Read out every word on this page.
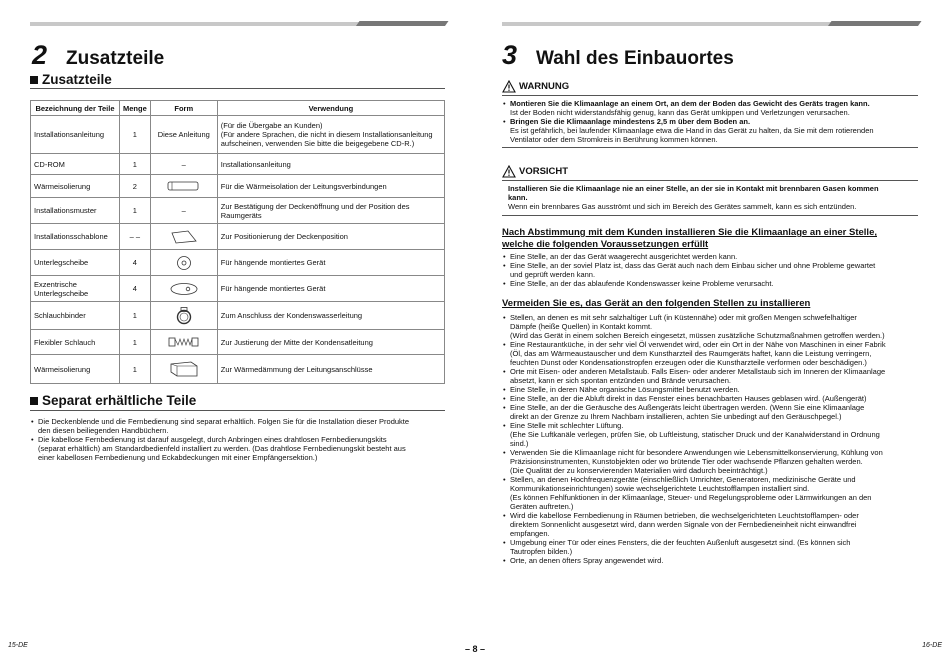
2 Zusatzteile
Zusatzteile
Bezeichnung der Teile	Menge	Form	Verwendung
Installationsanleitung	1	Diese Anleitung	(Für die Übergabe an Kunden)
(Für andere Sprachen, die nicht in diesem Installationsanleitung
aufscheinen, verwenden Sie bitte die beigegebene CD-R.)

CD-ROM	1	–	Installationsanleitung
Wärmeisolierung	2		Für die Wärmeisolation der Leitungsverbindungen
Installationsmuster	1	–	Zur Bestätigung der Deckenöffnung und der Position des
Raumgeräts

Installationsschablone	– –		Zur Positionierung der Deckenposition
Unterlegscheibe	4		Für hängende montiertes Gerät

Exzentrische
Unterlegscheibe	4		Für hängende montiertes Gerät
Schlauchbinder	1		Zum Anschluss der Kondenswasserleitung
Flexibler Schlauch	1		Zur Justierung der Mitte der Kondensatleitung
Wärmeisolierung	1		Zur Wärmedämmung der Leitungsanschlüsse
Separat erhältliche Teile
• Die Deckenblende und die Fernbedienung sind separat erhältlich. Folgen Sie für die Installation dieser Produkte
den diesen beiliegenden Handbüchern.
• Die kabellose Fernbedienung ist darauf ausgelegt, durch Anbringen eines drahtlosen Fernbedienungskits
(separat erhältlich) am Standardbedienfeld installiert zu werden. (Das drahtlose Fernbedienungskit besteht aus
einer kabellosen Fernbedienung und Eckabdeckungen mit einer Empfängersektion.)
15-DE
3 Wahl des Einbauortes
WARNUNG
• Montieren Sie die Klimaanlage an einem Ort, an dem der Boden das Gewicht des Geräts tragen kann.
Ist der Boden nicht widerstandsfähig genug, kann das Gerät umkippen und Verletzungen verursachen.
• Bringen Sie die Klimaanlage mindestens 2,5 m über dem Boden an.
Es ist gefährlich, bei laufender Klimaanlage etwa die Hand in das Gerät zu halten, da Sie mit dem rotierenden
Ventilator oder dem Stromkreis in Berührung kommen können.
VORSICHT
Installieren Sie die Klimaanlage nie an einer Stelle, an der sie in Kontakt mit brennbaren Gasen kommen
kann.
Wenn ein brennbares Gas ausströmt und sich im Bereich des Gerätes sammelt, kann es sich entzünden.
Nach Abstimmung mit dem Kunden installieren Sie die Klimaanlage an einer Stelle,
welche die folgenden Voraussetzungen erfüllt
• Eine Stelle, an der das Gerät waagerecht ausgerichtet werden kann.
• Eine Stelle, an der soviel Platz ist, dass das Gerät auch nach dem Einbau sicher und ohne Probleme gewartet
und geprüft werden kann.
• Eine Stelle, an der das ablaufende Kondenswasser keine Probleme verursacht.
Vermeiden Sie es, das Gerät an den folgenden Stellen zu installieren
• Stellen, an denen es mit sehr salzhaltiger Luft (in Küstennähe) oder mit großen Mengen schwefelhaltiger
Dämpfe (heiße Quellen) in Kontakt kommt.
(Wird das Gerät in einem solchen Bereich eingesetzt, müssen zusätzliche Schutzmaßnahmen getroffen werden.)
• Eine Restaurantküche, in der sehr viel Öl verwendet wird, oder ein Ort in der Nähe von Maschinen in einer Fabrik
(Öl, das am Wärmeaustauscher und dem Kunstharzteil des Raumgeräts haftet, kann die Leistung verringern,
feuchten Dunst oder Kondensationstropfen erzeugen oder die Kunstharzteile verformen oder beschädigen.)
• Orte mit Eisen- oder anderen Metallstaub. Falls Eisen- oder anderer Metallstaub sich im Inneren der Klimaanlage
absetzt, kann er sich spontan entzünden und Brände verursachen.
• Eine Stelle, in deren Nähe organische Lösungsmittel benutzt werden.
• Eine Stelle, an der die Abluft direkt in das Fenster eines benachbarten Hauses geblasen wird. (Außengerät)
• Eine Stelle, an der die Geräusche des Außengeräts leicht übertragen werden. (Wenn Sie eine Klimaanlage
direkt an der Grenze zu Ihrem Nachbarn installieren, achten Sie unbedingt auf den Geräuschpegel.)
• Eine Stelle mit schlechter Lüftung.
(Ehe Sie Luftkanäle verlegen, prüfen Sie, ob Luftleistung, statischer Druck und der Kanalwiderstand in Ordnung
sind.)
• Verwenden Sie die Klimaanlage nicht für besondere Anwendungen wie Lebensmittelkonservierung, Kühlung von
Präzisionsinstrumenten, Kunstobjekten oder wo brütende Tier oder wachsende Pflanzen gehalten werden.
(Die Qualität der zu konservierenden Materialien wird dadurch beeinträchtigt.)
• Stellen, an denen Hochfrequenzgeräte (einschließlich Umrichter, Generatoren, medizinische Geräte und
Kommunikationseinrichtungen) sowie wechselgerichtete Leuchtstofflampen installiert sind.
(Es können Fehlfunktionen in der Klimaanlage, Steuer- und Regelungsprobleme oder Lärmwirkungen an den
Geräten auftreten.)
• Wird die kabellose Fernbedienung in Räumen betrieben, die wechselgerichteten Leuchtstofflampen- oder
direktem Sonnenlicht ausgesetzt wird, dann werden Signale von der Fernbedieneinheit nicht einwandfrei
empfangen.
• Umgebung einer Tür oder eines Fensters, die der feuchten Außenluft ausgesetzt sind. (Es können sich
Tautropfen bilden.)
• Orte, an denen öfters Spray angewendet wird.
16-DE
– 8 –
